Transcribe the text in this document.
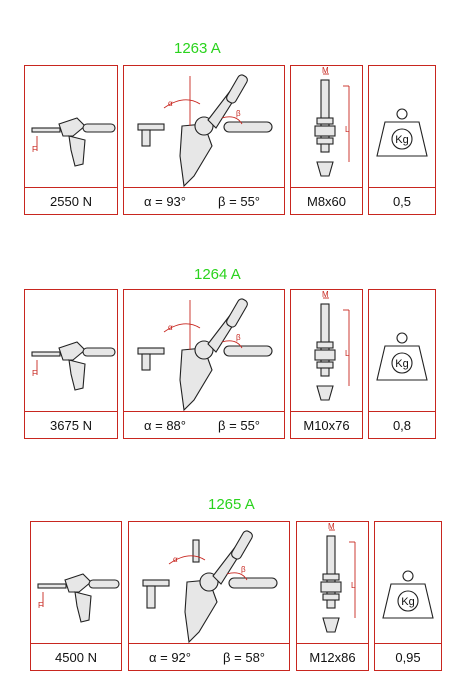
1263 A
F
α
β
M
L
Kg
2550 N	α = 93° β = 55°	M8x60	0,5
1264 A
F
α
β
M
L
Kg
3675 N	α = 88° β = 55°	M10x76	0,8
1265 A
F
α
β
M
L
Kg
4500 N	α = 92° β = 58°	M12x86	0,95
